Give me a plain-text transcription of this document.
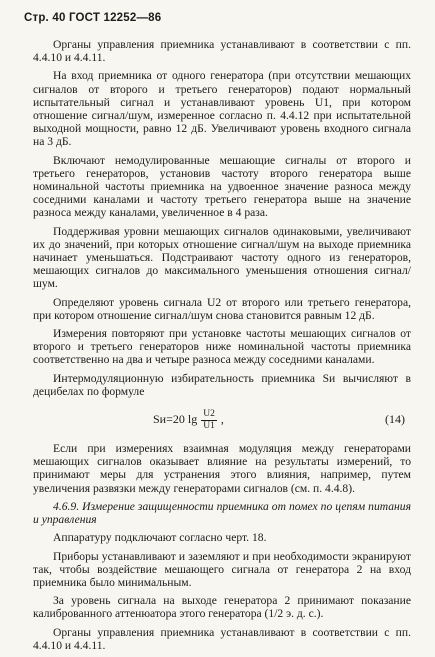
Стр. 40 ГОСТ 12252—86

Органы управления приемника устанавливают в соответствии с пп. 4.4.10 и 4.4.11.

На вход приемника от одного генератора (при отсутствии мешающих сигналов от второго и третьего генераторов) подают нормальный испытательный сигнал и устанавливают уровень U1, при котором отношение сигнал/шум, измеренное согласно п. 4.4.12 при испытательной выходной мощности, равно 12 дБ. Увеличивают уровень входного сигнала на 3 дБ.

Включают немодулированные мешающие сигналы от второго и третьего генераторов, установив частоту второго генератора выше номинальной частоты приемника на удвоенное значение разноса между соседними каналами и частоту третьего генератора выше на значение разноса между каналами, увеличенное в 4 раза.

Поддерживая уровни мешающих сигналов одинаковыми, увеличивают их до значений, при которых отношение сигнал/шум на выходе приемника начинает уменьшаться. Подстраивают частоту одного из генераторов, мешающих сигналов до максимального уменьшения отношения сигнал/шум.

Определяют уровень сигнала U2 от второго или третьего генератора, при котором отношение сигнал/шум снова становится равным 12 дБ.

Измерения повторяют при установке частоты мешающих сигналов от второго и третьего генераторов ниже номинальной частоты приемника соответственно на два и четыре разноса между соседними каналами.

Интермодуляционную избирательность приемника Sи вычисляют в децибелах по формуле

Sи=20 $\lg \frac{U2}{U1}$ ,	(14)

Если при измерениях взаимная модуляция между генераторами мешающих сигналов оказывает влияние на результаты измерений, то принимают меры для устранения этого влияния, например, путем увеличения развязки между генераторами сигналов (см. п. 4.4.8).

4.6.9. Измерение защищенности приемника от помех по цепям питания и управления

Аппаратуру подключают согласно черт. 18.

Приборы устанавливают и заземляют и при необходимости экранируют так, чтобы воздействие мешающего сигнала от генератора 2 на вход приемника было минимальным.

За уровень сигнала на выходе генератора 2 принимают показание калиброванного аттенюатора этого генератора (1/2 э. д. с.).

Органы управления приемника устанавливают в соответствии с пп. 4.4.10 и 4.4.11.
